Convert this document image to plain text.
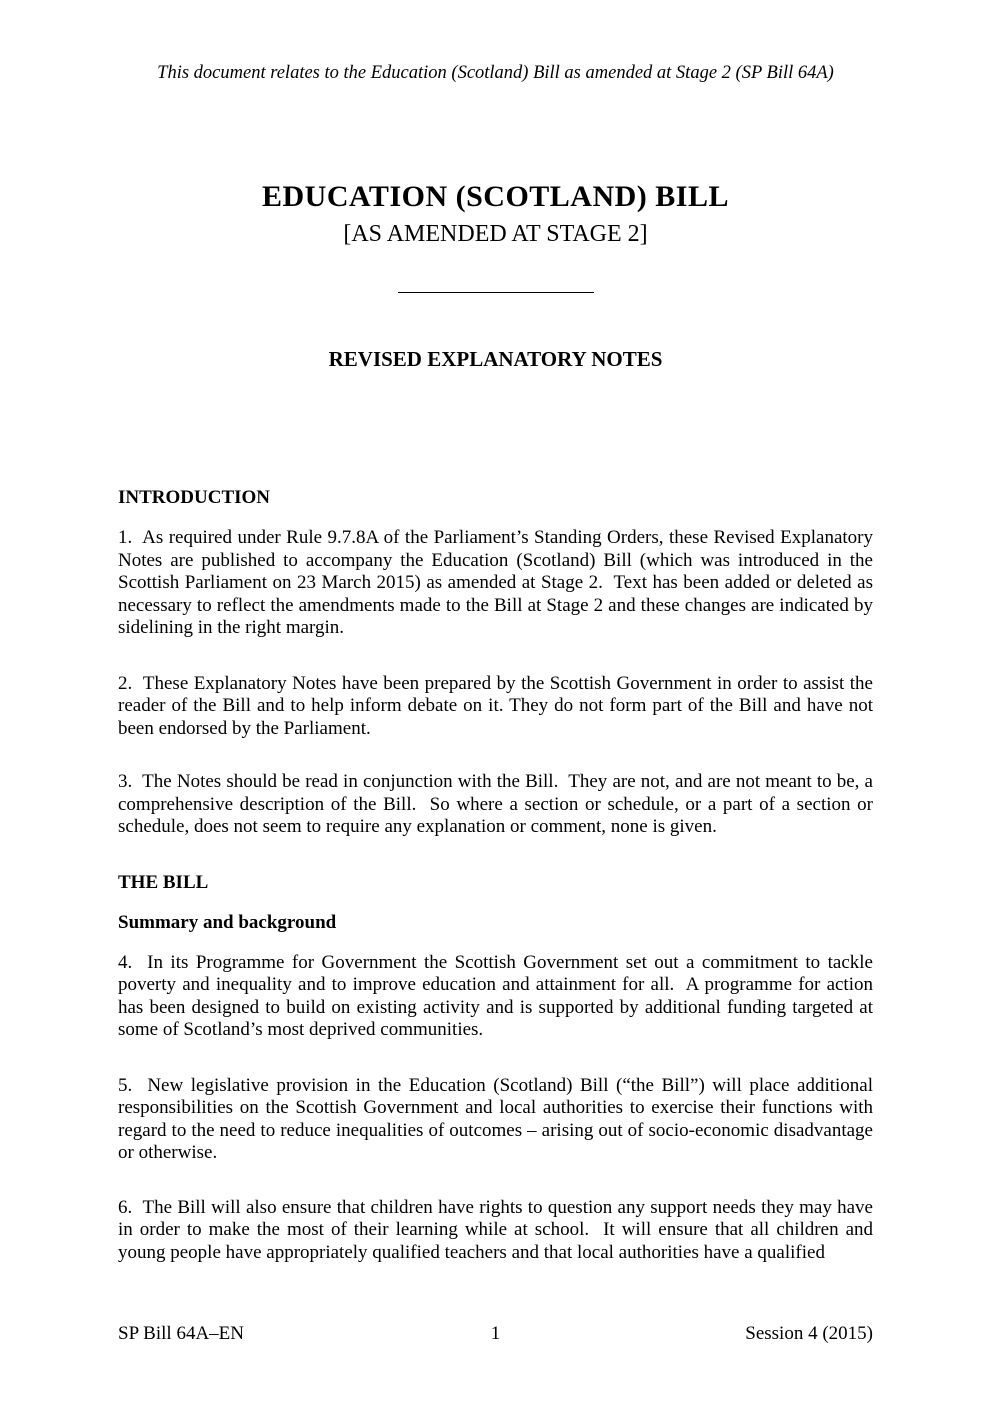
This document relates to the Education (Scotland) Bill as amended at Stage 2 (SP Bill 64A)
EDUCATION (SCOTLAND) BILL
[AS AMENDED AT STAGE 2]
REVISED EXPLANATORY NOTES
INTRODUCTION

1.  As required under Rule 9.7.8A of the Parliament’s Standing Orders, these Revised Explanatory Notes are published to accompany the Education (Scotland) Bill (which was introduced in the Scottish Parliament on 23 March 2015) as amended at Stage 2.  Text has been added or deleted as necessary to reflect the amendments made to the Bill at Stage 2 and these changes are indicated by sidelining in the right margin.

2.  These Explanatory Notes have been prepared by the Scottish Government in order to assist the reader of the Bill and to help inform debate on it. They do not form part of the Bill and have not been endorsed by the Parliament.

3.  The Notes should be read in conjunction with the Bill.  They are not, and are not meant to be, a comprehensive description of the Bill.  So where a section or schedule, or a part of a section or schedule, does not seem to require any explanation or comment, none is given.

THE BILL
Summary and background

4.  In its Programme for Government the Scottish Government set out a commitment to tackle poverty and inequality and to improve education and attainment for all.  A programme for action has been designed to build on existing activity and is supported by additional funding targeted at some of Scotland’s most deprived communities.

5.  New legislative provision in the Education (Scotland) Bill (“the Bill”) will place additional responsibilities on the Scottish Government and local authorities to exercise their functions with regard to the need to reduce inequalities of outcomes – arising out of socio-economic disadvantage or otherwise.

6.  The Bill will also ensure that children have rights to question any support needs they may have in order to make the most of their learning while at school.  It will ensure that all children and young people have appropriately qualified teachers and that local authorities have a qualified

SP Bill 64A–EN	1	Session 4 (2015)
